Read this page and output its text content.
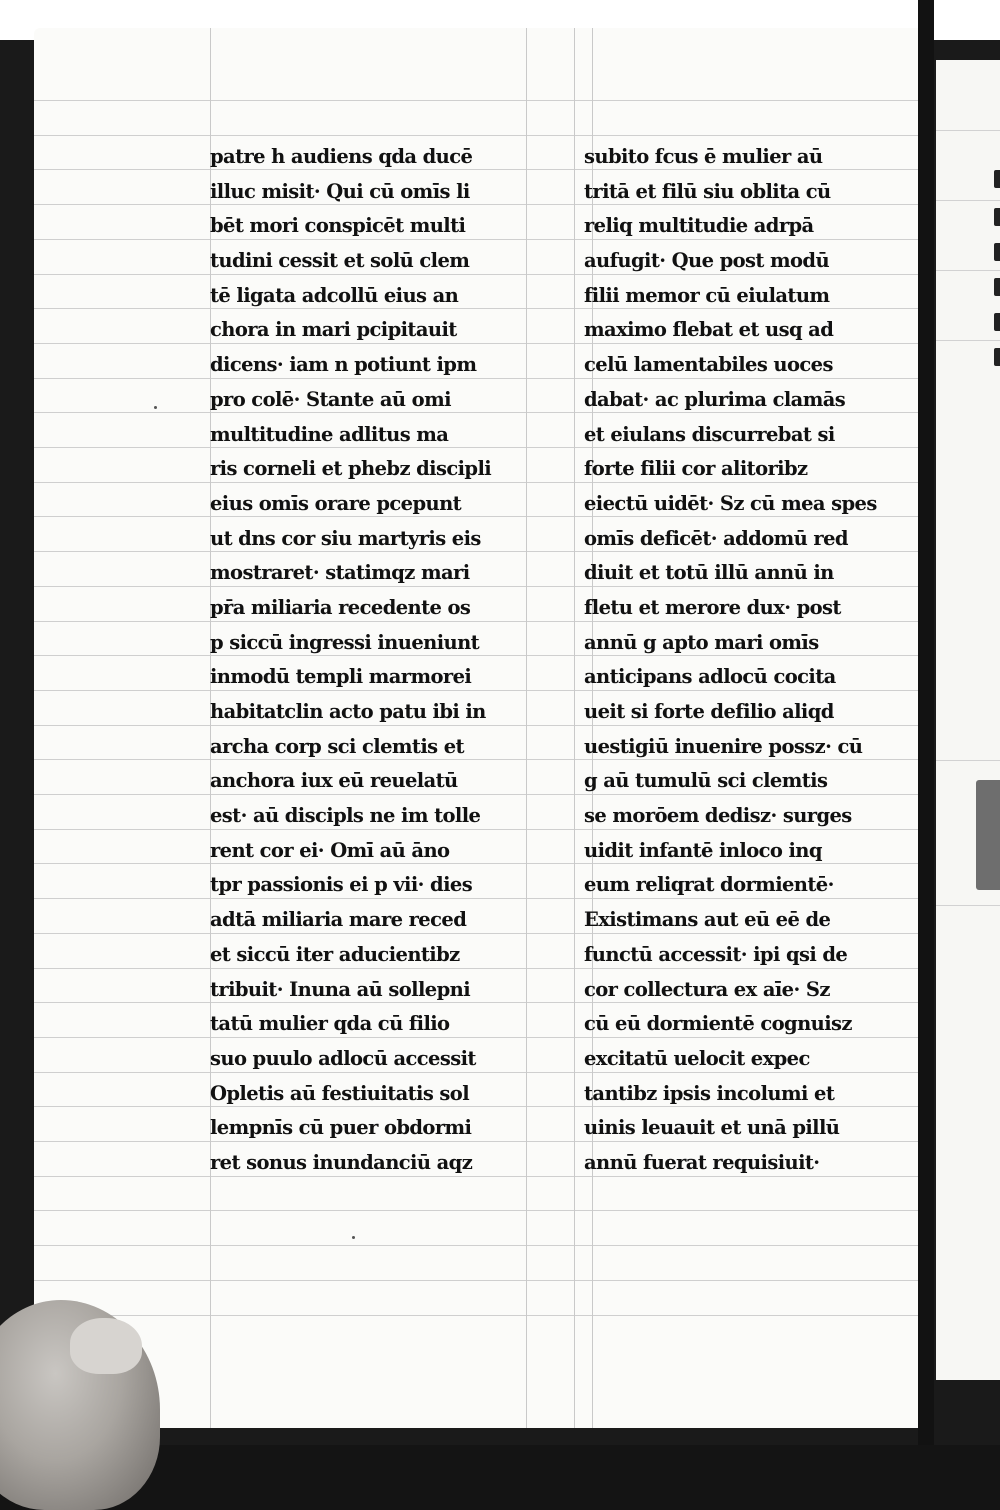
patre h audiens qda ducē
illuc misit· Qui cū omīs li
bēt mori conspicēt multi
tudini cessit et solū clem
tē ligata adcollū eius an
chora in mari pcipitauit
dicens· iam n potiunt ipm
pro colē· Stante aū omi
multitudine adlitus ma
ris corneli et phebz discipli
eius omīs orare pcepunt
ut dns cor siu martyris eis
mostraret· statimqz mari
pr̄a miliaria recedente os
p siccū ingressi inueniunt
inmodū templi marmorei
habitatclin acto patu ibi in
archa corp sci clemtis et
anchora iux eū reuelatū
est· aū discipls ne im tolle
rent cor ei· Omī aū āno
tpr passionis ei p vii· dies
adtā miliaria mare reced
et siccū iter aducientibz
tribuit· Inuna aū sollepni
tatū mulier qda cū filio
suo puulo adlocū accessit
Opletis aū festiuitatis sol
lempnīs cū puer obdormi
ret sonus inundanciū aqz
subito fcus ē mulier aū
tritā et filū siu oblita cū
reliq multitudie adrpā
aufugit· Que post modū
filii memor cū eiulatum
maximo flebat et usq ad
celū lamentabiles uoces
dabat· ac plurima clamās
et eiulans discurrebat si
forte filii cor alitoribz
eiectū uidēt· Sz cū mea spes
omīs deficēt· addomū red
diuit et totū illū annū in
fletu et merore dux· post
annū g apto mari omīs
anticipans adlocū cocita
ueit si forte defilio aliqd
uestigiū inuenire possz· cū
g aū tumulū sci clemtis
se morōem dedisz· surges
uidit infantē inloco inq
eum reliqrat dormientē·
Existimans aut eū eē de
functū accessit· ipi qsi de
cor collectura ex aīe· Sz
cū eū dormientē cognuisz
excitatū uelocit expec
tantibz ipsis incolumi et
uinis leuauit et unā pillū
annū fuerat requisiuit·
